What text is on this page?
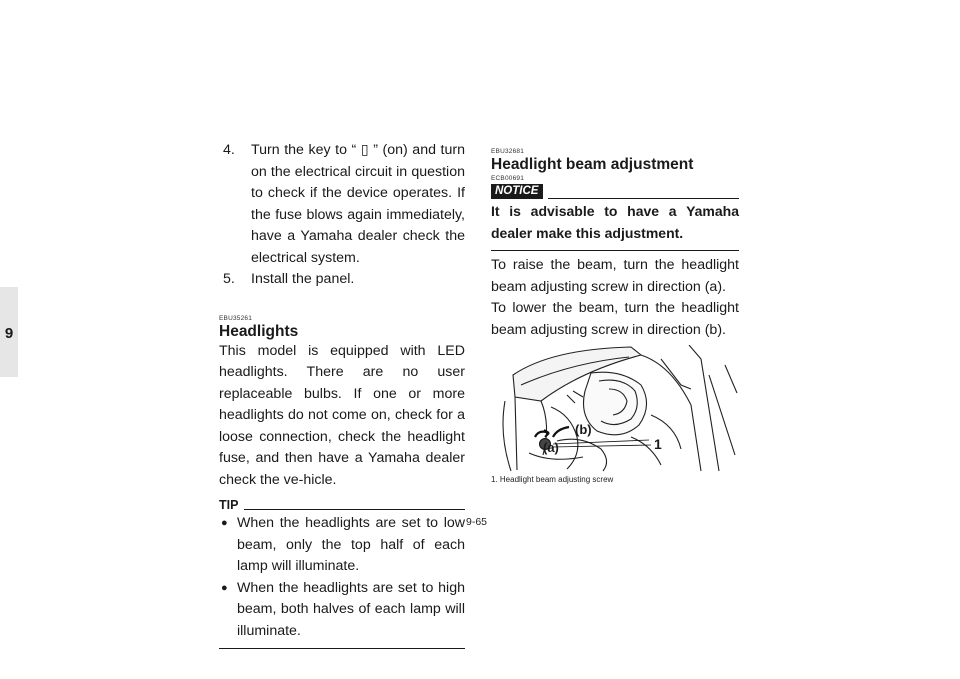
9
4.	Turn the key to “ ▯ ” (on) and turn on the electrical circuit in question to check if the device operates. If the fuse blows again immediately, have a Yamaha dealer check the electrical system.
5.	Install the panel.
EBU35261
Headlights
This model is equipped with LED headlights. There are no user replaceable bulbs. If one or more headlights do not come on, check for a loose connection, check the headlight fuse, and then have a Yamaha dealer check the ve-hicle.
TIP
● When the headlights are set to low beam, only the top half of each lamp will illuminate.
● When the headlights are set to high beam, both halves of each lamp will illuminate.
EBU32681
Headlight beam adjustment
ECB00691
NOTICE
It is advisable to have a Yamaha dealer make this adjustment.
To raise the beam, turn the headlight beam adjusting screw in direction (a).
To lower the beam, turn the headlight beam adjusting screw in direction (b).
(a)
(b)
1
1. Headlight beam adjusting screw
9-65
